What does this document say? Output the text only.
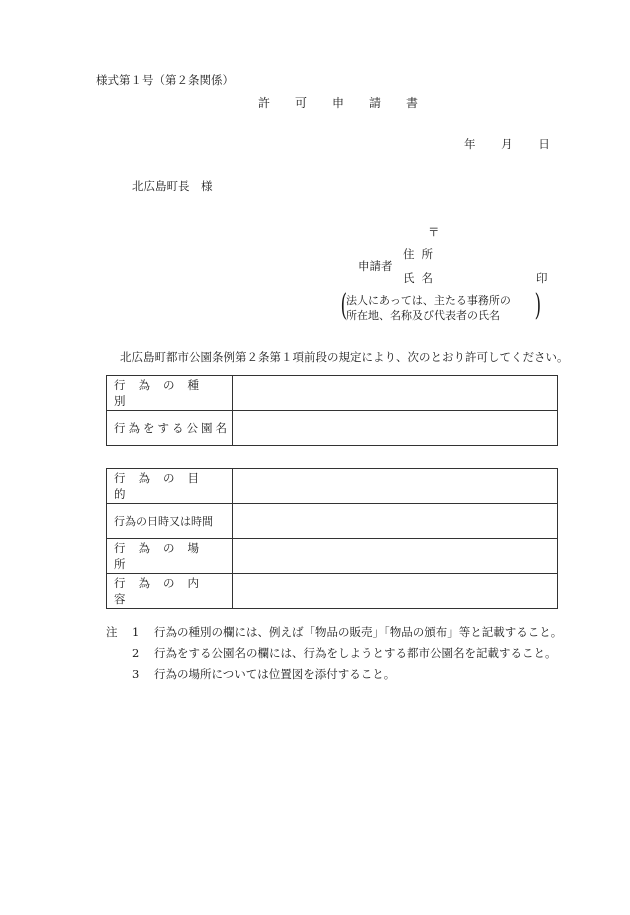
様式第１号（第２条関係）
許可申請書
年 月 日
北広島町長　様
〒
申請者
住所
氏名	印
(
法人にあっては、主たる事務所の
所在地、名称及び代表者の氏名	)
北広島町都市公園条例第２条第１項前段の規定により、次のとおり許可してください。
行為の種別	
行為をする公園名	
行為の目的	
行為の日時又は時間	
行為の場所	
行為の内容	
注	1	行為の種別の欄には、例えば「物品の販売」「物品の頒布」等と記載すること。
2	行為をする公園名の欄には、行為をしようとする都市公園名を記載すること。
3	行為の場所については位置図を添付すること。
